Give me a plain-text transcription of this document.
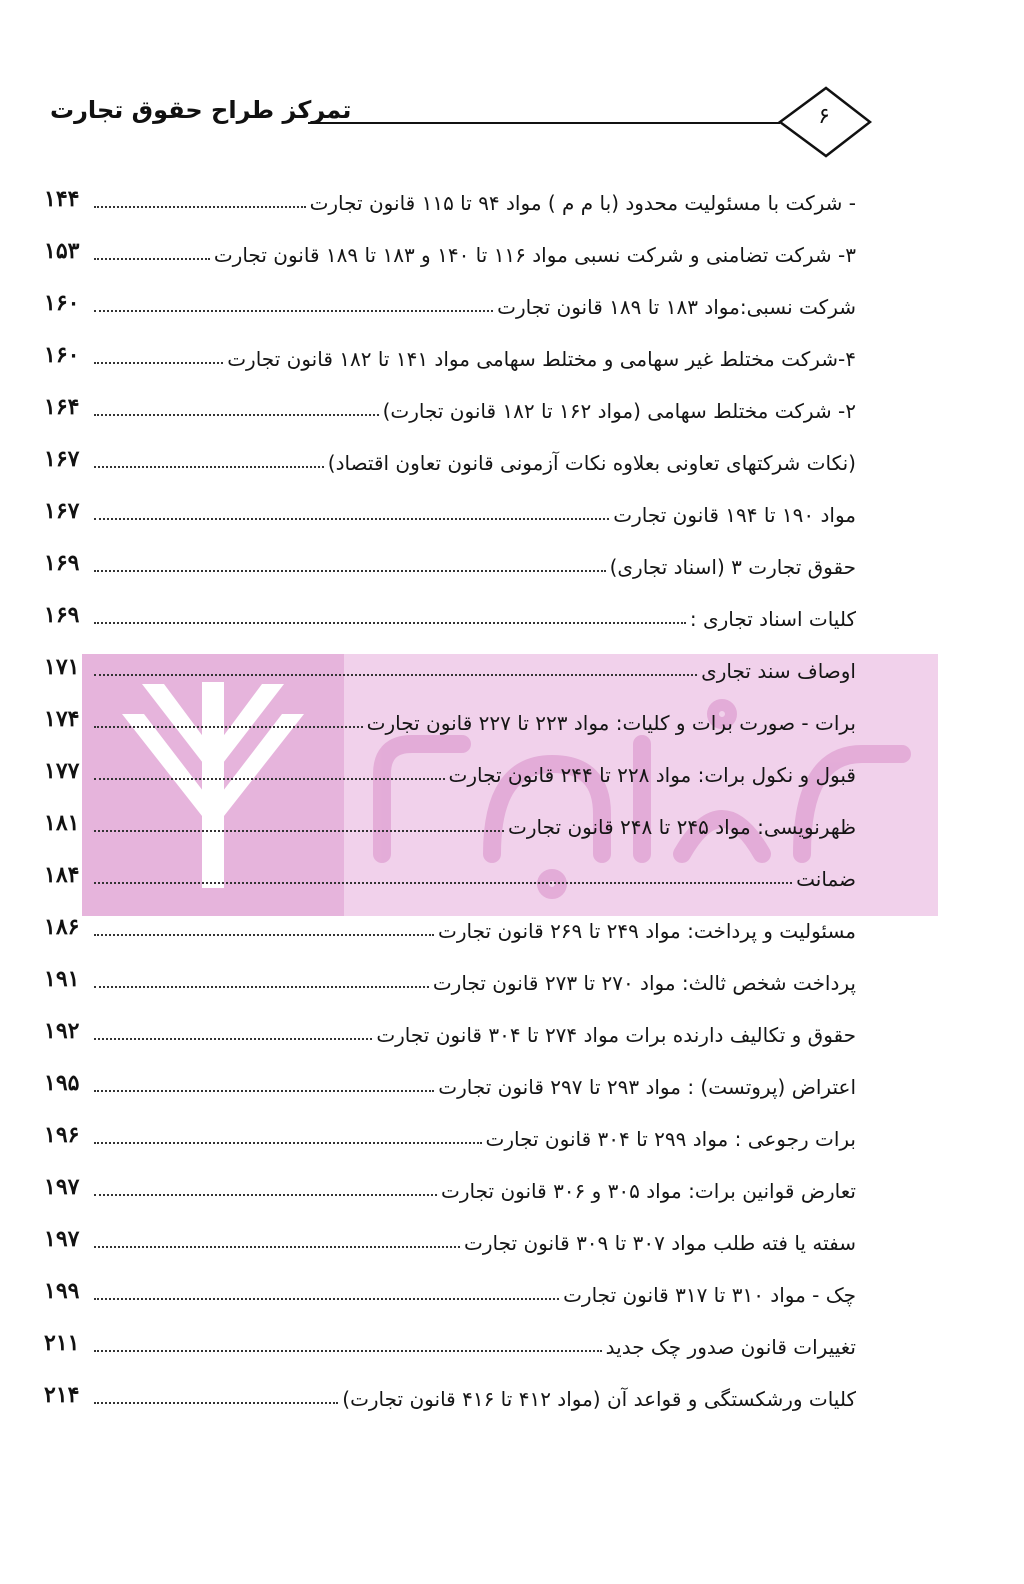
تمرکز طراح حقوق تجارت	۶
۱۴۴	- شرکت با مسئولیت محدود (با م م ) مواد ۹۴ تا ۱۱۵ قانون تجارت
۱۵۳	۳- شرکت تضامنی و شرکت نسبی مواد ۱۱۶ تا ۱۴۰ و ۱۸۳ تا ۱۸۹ قانون تجارت
۱۶۰	شرکت نسبی:مواد ۱۸۳ تا ۱۸۹ قانون تجارت
۱۶۰	۴-شرکت مختلط غیر سهامی و مختلط سهامی مواد ۱۴۱ تا ۱۸۲ قانون تجارت
۱۶۴	۲- شرکت مختلط سهامی (مواد ۱۶۲ تا ۱۸۲ قانون تجارت)
۱۶۷	(نکات شرکتهای تعاونی بعلاوه نکات آزمونی قانون تعاون اقتصاد)
۱۶۷	مواد ۱۹۰ تا ۱۹۴ قانون تجارت
۱۶۹	حقوق تجارت ۳ (اسناد تجاری)
۱۶۹	کلیات اسناد تجاری :
۱۷۱	اوصاف سند تجاری
۱۷۴	برات - صورت برات و کلیات: مواد ۲۲۳ تا ۲۲۷ قانون تجارت
۱۷۷	قبول و نکول برات: مواد ۲۲۸ تا ۲۴۴ قانون تجارت
۱۸۱	ظهرنویسی: مواد ۲۴۵ تا ۲۴۸ قانون تجارت
۱۸۴	ضمانت
۱۸۶	مسئولیت و پرداخت: مواد ۲۴۹ تا ۲۶۹ قانون تجارت
۱۹۱	پرداخت شخص ثالث: مواد ۲۷۰ تا ۲۷۳ قانون تجارت
۱۹۲	حقوق و تکالیف دارنده برات مواد ۲۷۴ تا ۳۰۴ قانون تجارت
۱۹۵	اعتراض (پروتست) : مواد ۲۹۳ تا ۲۹۷ قانون تجارت
۱۹۶	برات رجوعی : مواد ۲۹۹ تا ۳۰۴ قانون تجارت
۱۹۷	تعارض قوانین برات: مواد ۳۰۵ و ۳۰۶ قانون تجارت
۱۹۷	سفته یا فته طلب مواد ۳۰۷ تا ۳۰۹ قانون تجارت
۱۹۹	چک - مواد ۳۱۰ تا ۳۱۷ قانون تجارت
۲۱۱	تغییرات قانون صدور چک جدید
۲۱۴	کلیات ورشکستگی و قواعد آن (مواد ۴۱۲ تا ۴۱۶ قانون تجارت)
